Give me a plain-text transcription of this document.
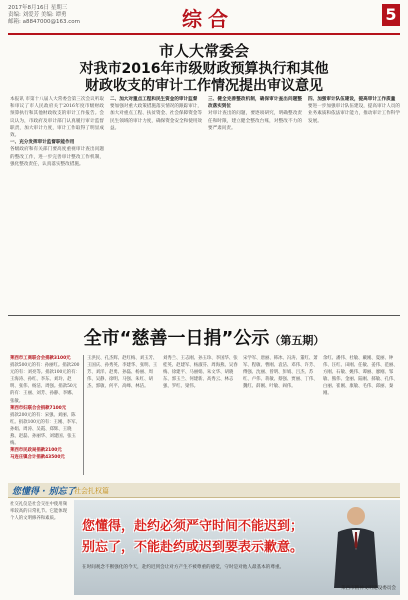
2017年8月16日 星期三
责编: 刘爱芳 美编: 谭勇
邮箱: a8847000@163.com	综合	5
市人大常委会
对我市2016年市级财政预算执行和其他
财政收支的审计工作情况提出审议意见

本报讯 市第十八届人大常委会第三次会议听取和审议了市人民政府关于2016年度市级财政预算执行和其他财政收支的审计工作报告。会议认为，市政府及审计部门认真履行审计监督职责，加大审计力度，审计工作取得了明显成效。

一、充分发挥审计监督职能作用

各级政府和有关部门要高度重视审计查出问题的整改工作，进一步完善审计整改工作机制，强化整改责任，认真落实整改措施。

二、加大对重点工程和民生资金的审计监督

要加强对重大政策措施落实情况的跟踪审计，加大对重点工程、扶贫资金、社会保障资金等民生领域的审计力度，确保资金安全和使用效益。

三、健全完善整改机制，确保审计查出问题整改落实到位

对审计查出的问题，要逐项研究，明确整改责任和时限，建立健全整改台账，对整改不力的要严肃问责。

四、加强审计队伍建设，提高审计工作质量

要进一步加强审计队伍建设，提高审计人员的业务素质和依法审计能力，推动审计工作科学发展。

全市“慈善一日捐”公示（第五期）
莱西市工商联合会捐款3100元
捐款500元的有：孙丽红。捐款200元的有：刘亮等。捐款100元的有：王海涛、孙红、李东、刘玲、赵明、张伟、杨洁、周强。捐款50元的有：王丽、刘芳、孙静、李娜、张敏。
莱西市妇联合会捐款7100元
捐款200元的有：宋强、刘丽、陈红。捐款100元的有：王刚、李军、孙娟、周涛、吴霞、郑辉、王晓燕、赵磊、孙丽华、刘建国、张玉梅。
莱西市民政局捐款2100元
马连庄镇合计捐款43500元
王洪民、孔杰辉、赵红梅、刘玉芳、王国庆、孙秀英、李建华、张明、王芳、刘洋、赵勇、孙磊、杨丽、周伟、吴静、徐明、马强、朱红、胡杰、郭敏、何平、高峰、林洁。
刘秀兰、王志刚、孙玉珍、李国华、张桂英、赵建军、杨淑芬、周海燕、吴春梅、徐建平、马丽娟、朱文华、胡晓东、郭玉兰、何建新、高秀云、林志强、罗红、梁伟。
宋学军、唐丽、韩冰、冯涛、董红、萧军、程敏、曹刚、袁洁、邓伟、许芳、傅强、沈丽、曾明、彭娟、吕杰、苏红、卢伟、蒋敏、蔡强、贾丽、丁伟、魏红、薛刚、叶敏、阎伟。
余红、潘伟、杜敏、戴刚、夏丽、钟伟、汪红、田刚、任敏、姜伟、范丽、方刚、石敏、姚伟、谭丽、廖刚、邹敏、熊伟、金丽、陆刚、郝敏、孔伟、白丽、崔刚、康敏、毛伟、邱丽、秦刚。
您懂得 · 别忘了
社会扎权篇
社交礼仪是社会交往中使用频率较高的日常礼节。它能体现个人的文明修养和素质。
您懂得，赴约必须严守时间不能迟到；
别忘了，不能赴约或迟到要表示歉意。
在时间观念不断强化的今天，赴约迟到会让对方产生不被尊重的感觉，守时是对他人最基本的尊重。
莱西市精神文明建设委员会
